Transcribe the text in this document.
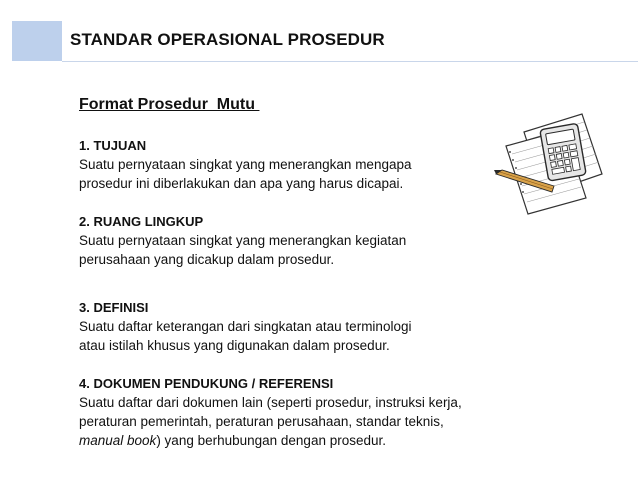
STANDAR OPERASIONAL PROSEDUR
Format Prosedur  Mutu
1. TUJUAN
Suatu pernyataan singkat yang menerangkan mengapa
prosedur ini diberlakukan dan apa yang harus dicapai.
2. RUANG LINGKUP
Suatu pernyataan singkat yang menerangkan kegiatan
perusahaan yang dicakup dalam prosedur.
3. DEFINISI
Suatu daftar keterangan dari singkatan atau terminologi
atau istilah khusus yang digunakan dalam prosedur.
4. DOKUMEN PENDUKUNG / REFERENSI
Suatu daftar dari dokumen lain (seperti prosedur, instruksi kerja,
peraturan pemerintah, peraturan perusahaan, standar teknis,
manual book) yang berhubungan dengan prosedur.
